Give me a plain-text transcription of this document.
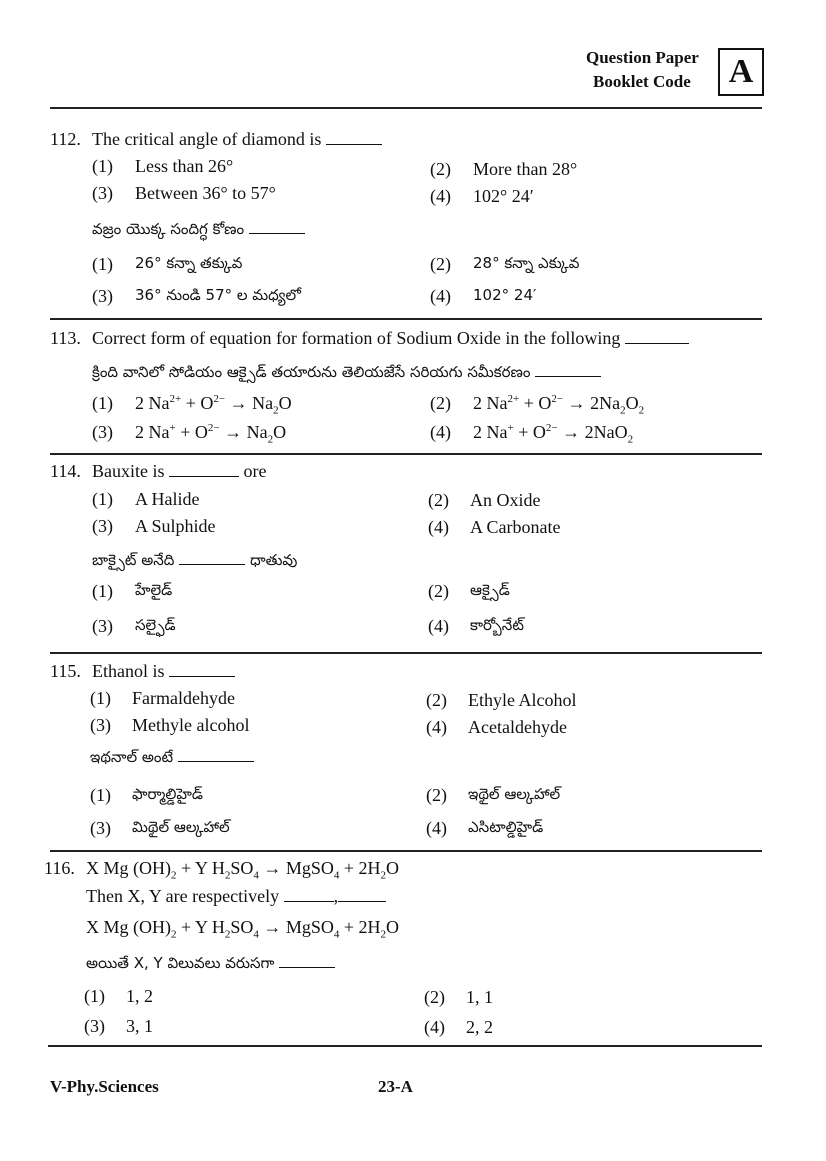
Question Paper
Booklet Code	A
112. The critical angle of diamond is
(1) Less than 26°	(2) More than 28°
(3) Between 36° to 57°	(4) 102° 24′
వజ్రం యొక్క సందిగ్ధ కోణం
(1) 26° కన్నా తక్కువ	(2) 28° కన్నా ఎక్కువ
(3) 36° నుండి 57° ల మధ్యలో	(4) 102° 24′
113. Correct form of equation for formation of Sodium Oxide in the following
క్రింది వానిలో సోడియం ఆక్సైడ్ తయారును తెలియజేసే సరియగు సమీకరణం
(1) 2 $Na^{2+} + O^{2-} \to Na_2O$	(2) 2 $Na^{2+} + O^{2-} \to 2Na_2O_2$
(3) 2 $Na^+ + O^{2-} \to Na_2O$	(4) 2 $Na^+ + O^{2-} \to 2NaO_2$
114. Bauxite is	ore
(1) A Halide	(2) An Oxide
(3) A Sulphide	(4) A Carbonate
బాక్సైట్ అనేది	ధాతువు
(1) హేలైడ్	(2) ఆక్సైడ్
(3) సల్ఫైడ్	(4) కార్బోనేట్
115. Ethanol is
(1) Farmaldehyde	(2) Ethyle Alcohol
(3) Methyle alcohol	(4) Acetaldehyde
ఇథనాల్ అంటే
(1) ఫార్మాల్డిహైడ్	(2) ఇథైల్ ఆల్కహాల్
(3) మిథైల్ ఆల్కహాల్	(4) ఎసిటాల్డిహైడ్
116. X Mg $(OH)_2 + Y$ $H_2SO_4$ → MgSO$_4$ + $2H_2O$
Then X, Y are respectively	,
X Mg $(OH)_2 + Y$ $H_2SO_4$ → MgSO$_4$ + $2H_2O$
అయితే X, Y విలువలు వరుసగా
(1) 1, 2	(2) 1, 1
(3) 3, 1	(4) 2, 2
V-Phy.Sciences	23-A
